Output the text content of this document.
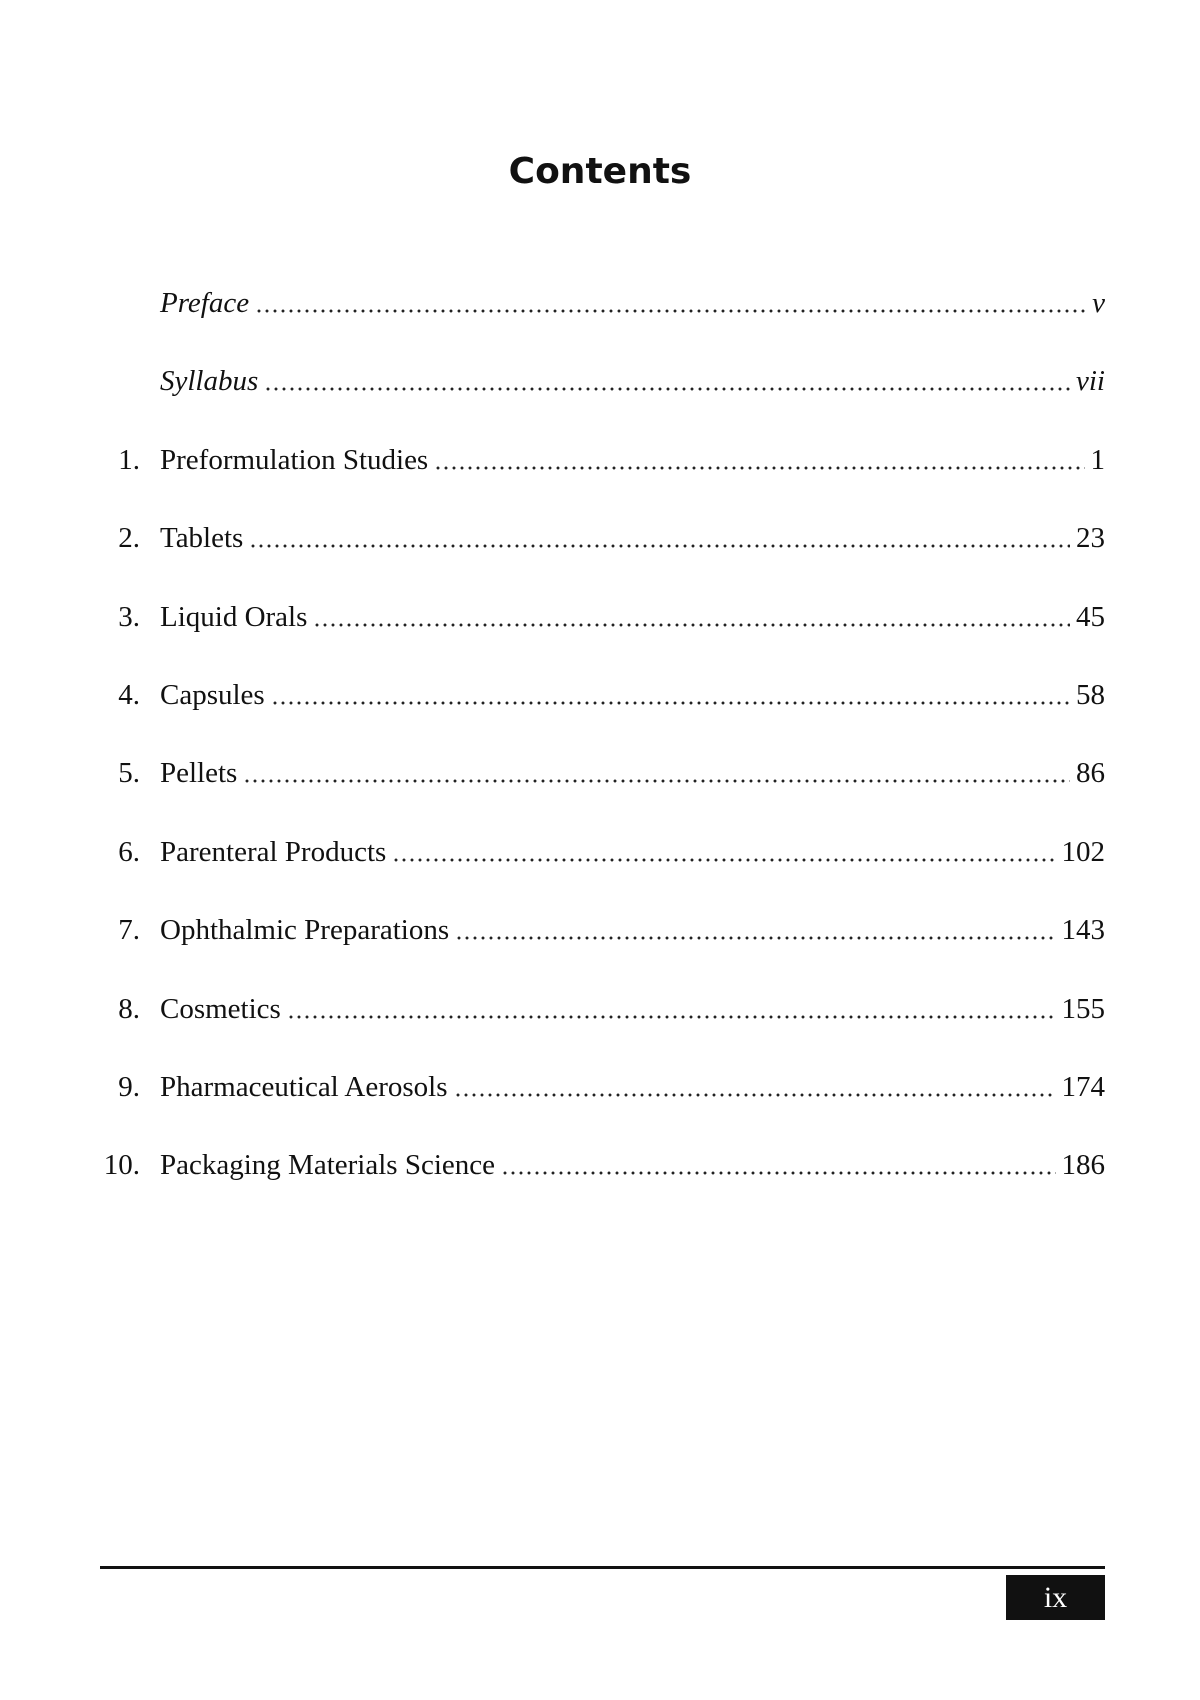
Contents
Preface	v
Syllabus	vii
1. Preformulation Studies	1
2. Tablets	23
3. Liquid Orals	45
4. Capsules	58
5. Pellets	86
6. Parenteral Products	102
7. Ophthalmic Preparations	143
8. Cosmetics	155
9. Pharmaceutical Aerosols	174
10. Packaging Materials Science	186
ix
